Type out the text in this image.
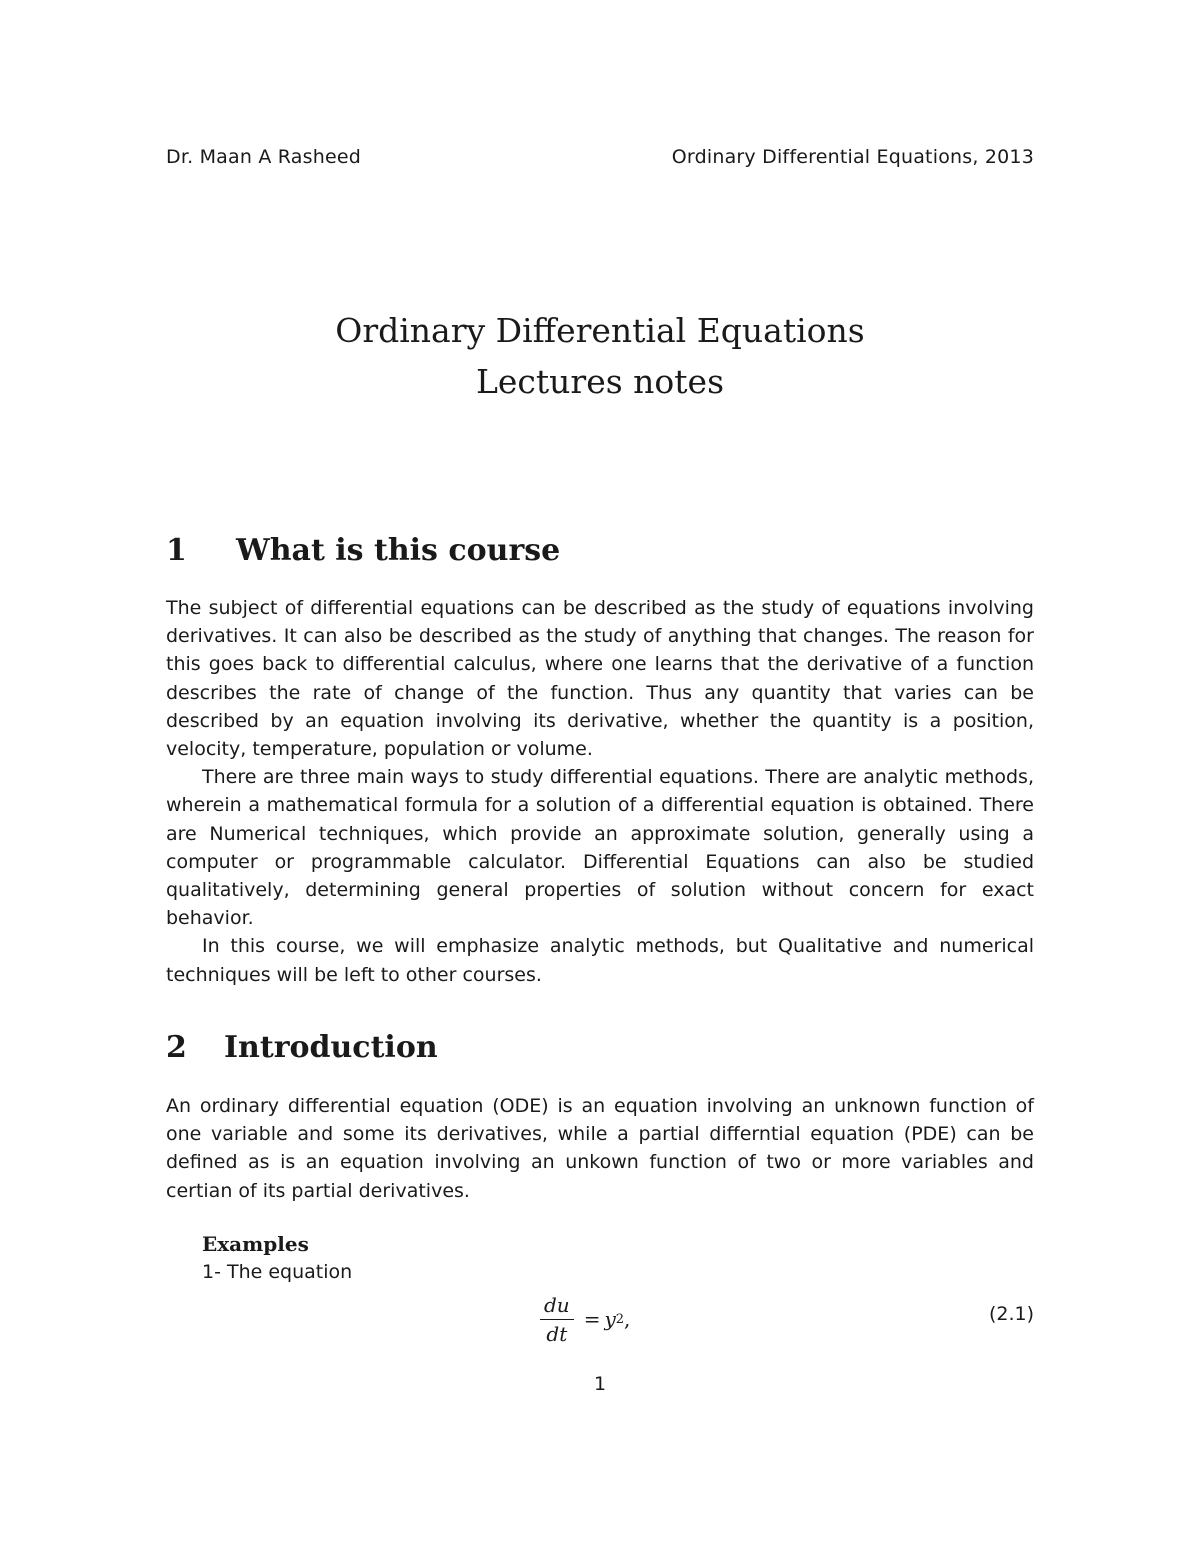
Dr. Maan A Rasheed	Ordinary Differential Equations, 2013
Ordinary Differential Equations
Lectures notes
1 What is this course

The subject of differential equations can be described as the study of equations involving derivatives. It can also be described as the study of anything that changes. The reason for this goes back to differential calculus, where one learns that the derivative of a function describes the rate of change of the function. Thus any quantity that varies can be described by an equation involving its derivative, whether the quantity is a position, velocity, temperature, population or volume.

There are three main ways to study differential equations. There are analytic methods, wherein a mathematical formula for a solution of a differential equation is obtained. There are Numerical techniques, which provide an approximate solution, generally using a computer or programmable calculator. Differential Equations can also be studied qualitatively, determining general properties of solution without concern for exact behavior.

In this course, we will emphasize analytic methods, but Qualitative and numerical techniques will be left to other courses.

2 Introduction

An ordinary differential equation (ODE) is an equation involving an unknown function of one variable and some its derivatives, while a partial differntial equation (PDE) can be defined as is an equation involving an unkown function of two or more variables and certian of its partial derivatives.

Examples
1- The equation
$\frac{du}{dt} = y$ 2 ,	(2.1)
1
